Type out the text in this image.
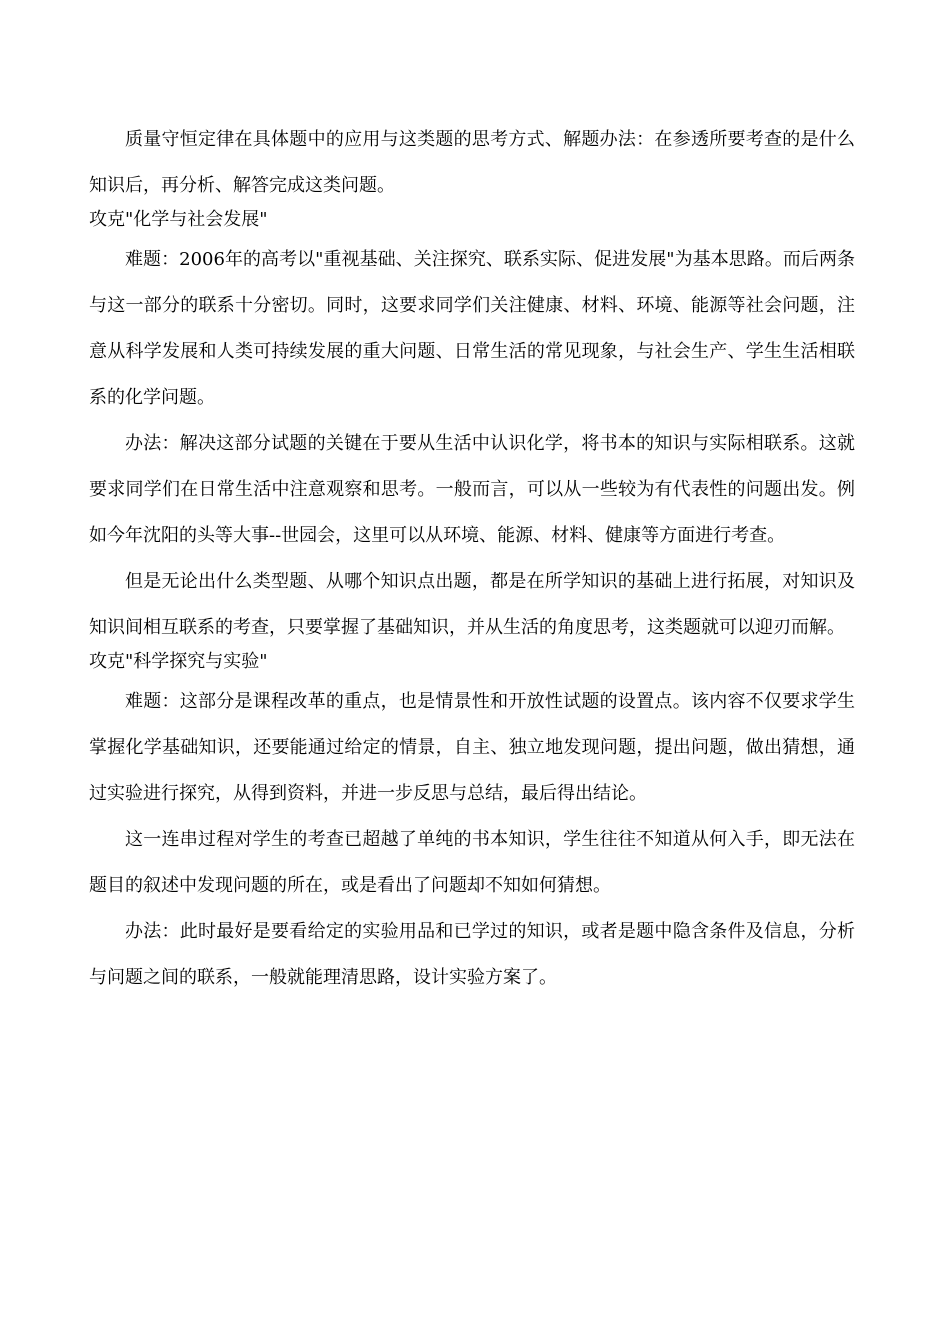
质量守恒定律在具体题中的应用与这类题的思考方式、解题办法：在参透所要考查的是什么知识后，再分析、解答完成这类问题。

攻克"化学与社会发展"

难题：2006年的高考以"重视基础、关注探究、联系实际、促进发展"为基本思路。而后两条与这一部分的联系十分密切。同时，这要求同学们关注健康、材料、环境、能源等社会问题，注意从科学发展和人类可持续发展的重大问题、日常生活的常见现象，与社会生产、学生生活相联系的化学问题。

办法：解决这部分试题的关键在于要从生活中认识化学，将书本的知识与实际相联系。这就要求同学们在日常生活中注意观察和思考。一般而言，可以从一些较为有代表性的问题出发。例如今年沈阳的头等大事--世园会，这里可以从环境、能源、材料、健康等方面进行考查。

但是无论出什么类型题、从哪个知识点出题，都是在所学知识的基础上进行拓展，对知识及知识间相互联系的考查，只要掌握了基础知识，并从生活的角度思考，这类题就可以迎刃而解。

攻克"科学探究与实验"

难题：这部分是课程改革的重点，也是情景性和开放性试题的设置点。该内容不仅要求学生掌握化学基础知识，还要能通过给定的情景，自主、独立地发现问题，提出问题，做出猜想，通过实验进行探究，从得到资料，并进一步反思与总结，最后得出结论。

这一连串过程对学生的考查已超越了单纯的书本知识，学生往往不知道从何入手，即无法在题目的叙述中发现问题的所在，或是看出了问题却不知如何猜想。

办法：此时最好是要看给定的实验用品和已学过的知识，或者是题中隐含条件及信息，分析与问题之间的联系，一般就能理清思路，设计实验方案了。
